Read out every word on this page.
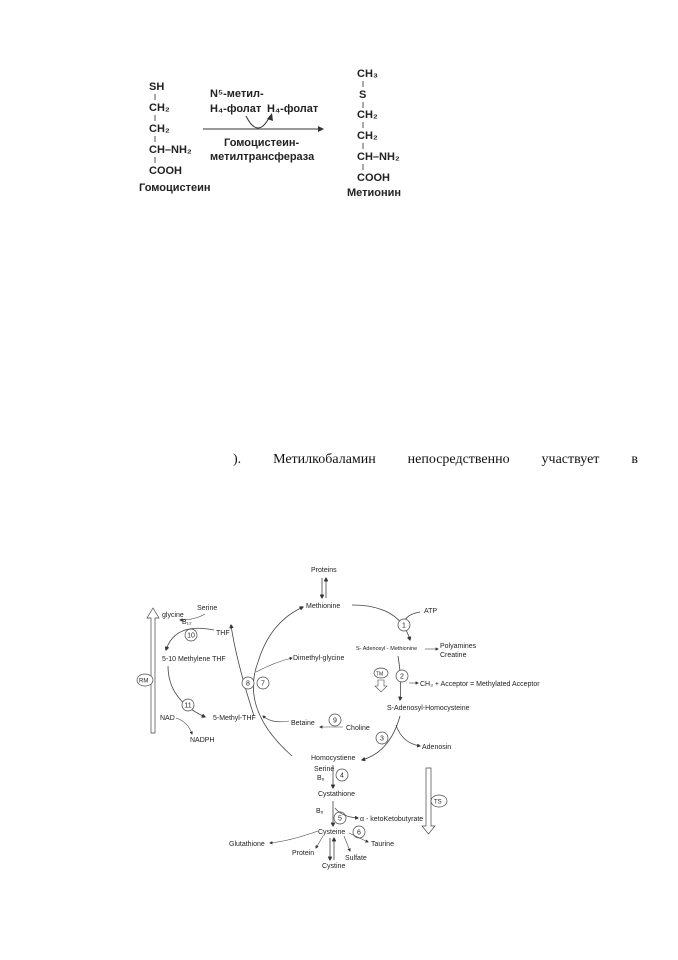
SH
CH₂
CH₂
CH–NH₂
COOH
Гомоцистеин
N⁵-метил-
H₄-фолат H₄-фолат
Гомоцистеин-
метилтрансфераза
CH₃
S
CH₂
CH₂
CH–NH₂
COOH
Метионин
). Метилкобаламин непосредственно участвует в
Proteins
Methionine
ATP
1
S- Adenosyl - Methionine	Polyamines
Creatine
TM 2
CH₃ + Acceptor = Methylated Acceptor
S-Adenosyl-Homocysteine
3
Adenosin
Homocystiene
Serine
B₆ 4
Cystathione
B₆
5	α - ketoKetobutyrate
Cysteine 6
Taurine
Sulfate
Cystine
Protein
Glutathione
TS
RM
glycine
Serine
B₁₂
10	THF
5-10 Methylene THF
11
NAD
NADPH
5-Methyl-THF
8 7
Dimethyl-glycine
Betaine	9
Choline
